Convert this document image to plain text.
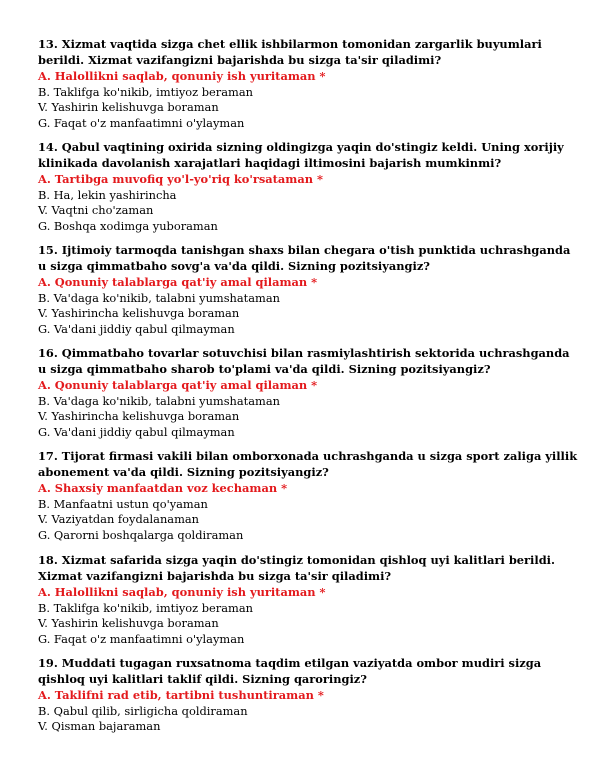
13. Xizmat vaqtida sizga chet ellik ishbilarmon tomonidan zargarlik buyumlari berildi. Xizmat vazifangizni bajarishda bu sizga ta'sir qiladimi?
A. Halollikni saqlab, qonuniy ish yuritaman *
B. Taklifga ko'nikib, imtiyoz beraman
V. Yashirin kelishuvga boraman
G. Faqat o'z manfaatimni o'ylayman
14. Qabul vaqtining oxirida sizning oldingizga yaqin do'stingiz keldi. Uning xorijiy klinikada davolanish xarajatlari haqidagi iltimosini bajarish mumkinmi?
A. Tartibga muvofiq yo'l-yo'riq ko'rsataman *
B. Ha, lekin yashirincha
V. Vaqtni cho'zaman
G. Boshqa xodimga yuboraman
15. Ijtimoiy tarmoqda tanishgan shaxs bilan chegara o'tish punktida uchrashganda u sizga qimmatbaho sovg'a va'da qildi. Sizning pozitsiyangiz?
A. Qonuniy talablarga qat'iy amal qilaman *
B. Va'daga ko'nikib, talabni yumshataman
V. Yashirincha kelishuvga boraman
G. Va'dani jiddiy qabul qilmayman
16. Qimmatbaho tovarlar sotuvchisi bilan rasmiylashtirish sektorida uchrashganda u sizga qimmatbaho sharob to'plami va'da qildi. Sizning pozitsiyangiz?
A. Qonuniy talablarga qat'iy amal qilaman *
B. Va'daga ko'nikib, talabni yumshataman
V. Yashirincha kelishuvga boraman
G. Va'dani jiddiy qabul qilmayman
17. Tijorat firmasi vakili bilan omborxonada uchrashganda u sizga sport zaliga yillik abonement va'da qildi. Sizning pozitsiyangiz?
A. Shaxsiy manfaatdan voz kechaman *
B. Manfaatni ustun qo'yaman
V. Vaziyatdan foydalanaman
G. Qarorni boshqalarga qoldiraman
18. Xizmat safarida sizga yaqin do'stingiz tomonidan qishloq uyi kalitlari berildi. Xizmat vazifangizni bajarishda bu sizga ta'sir qiladimi?
A. Halollikni saqlab, qonuniy ish yuritaman *
B. Taklifga ko'nikib, imtiyoz beraman
V. Yashirin kelishuvga boraman
G. Faqat o'z manfaatimni o'ylayman
19. Muddati tugagan ruxsatnoma taqdim etilgan vaziyatda ombor mudiri sizga qishloq uyi kalitlari taklif qildi. Sizning qaroringiz?
A. Taklifni rad etib, tartibni tushuntiraman *
B. Qabul qilib, sirligicha qoldiraman
V. Qisman bajaraman
